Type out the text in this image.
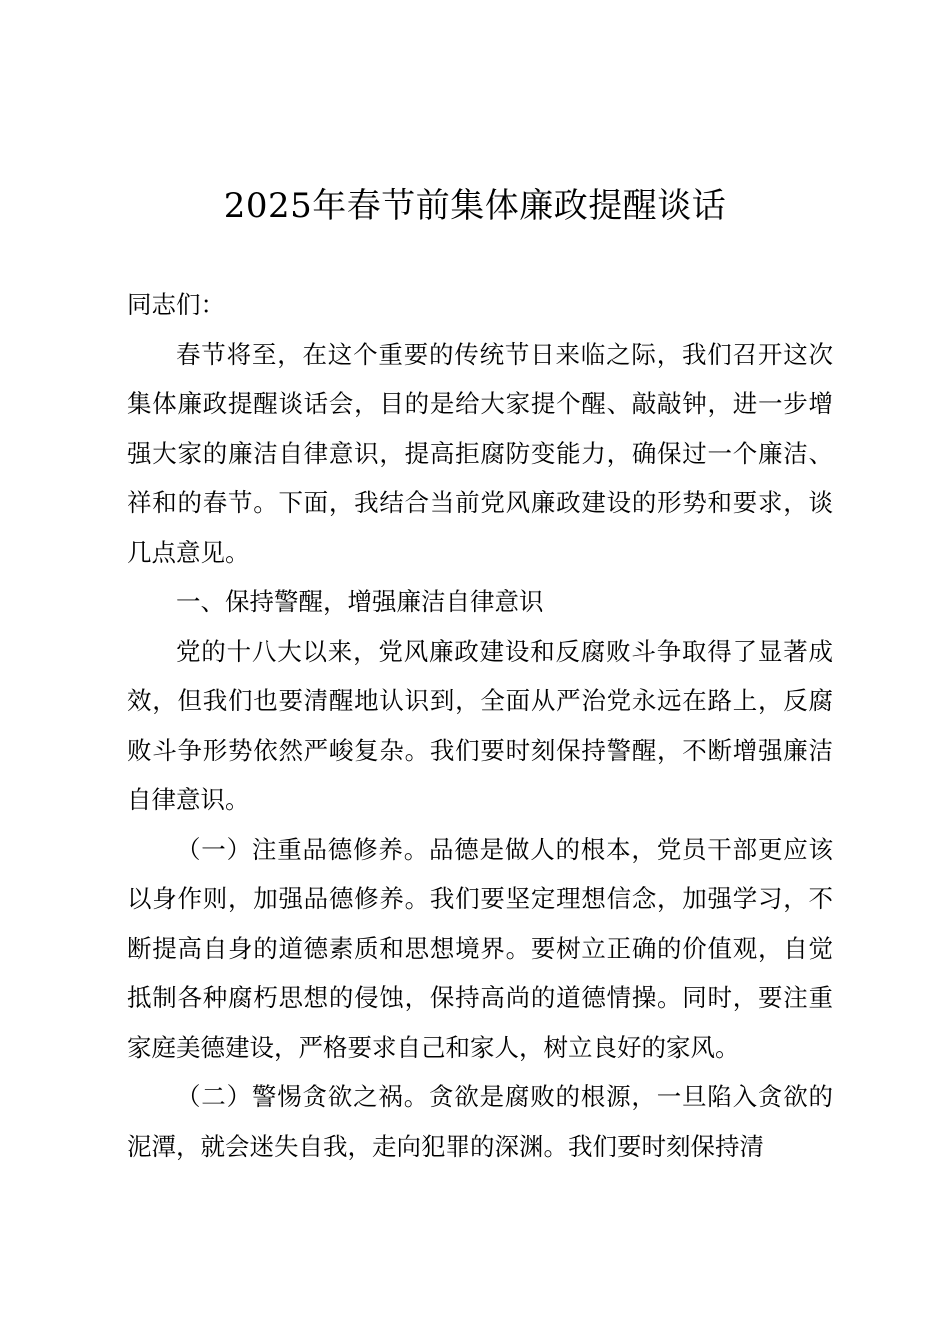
2025年春节前集体廉政提醒谈话

同志们：

春节将至，在这个重要的传统节日来临之际，我们召开这次集体廉政提醒谈话会，目的是给大家提个醒、敲敲钟，进一步增强大家的廉洁自律意识，提高拒腐防变能力，确保过一个廉洁、祥和的春节。下面，我结合当前党风廉政建设的形势和要求，谈几点意见。

一、保持警醒，增强廉洁自律意识

党的十八大以来，党风廉政建设和反腐败斗争取得了显著成效，但我们也要清醒地认识到，全面从严治党永远在路上，反腐败斗争形势依然严峻复杂。我们要时刻保持警醒，不断增强廉洁自律意识。

（一）注重品德修养。品德是做人的根本，党员干部更应该以身作则，加强品德修养。我们要坚定理想信念，加强学习，不断提高自身的道德素质和思想境界。要树立正确的价值观，自觉抵制各种腐朽思想的侵蚀，保持高尚的道德情操。同时，要注重家庭美德建设，严格要求自己和家人，树立良好的家风。

（二）警惕贪欲之祸。贪欲是腐败的根源，一旦陷入贪欲的泥潭，就会迷失自我，走向犯罪的深渊。我们要时刻保持清
